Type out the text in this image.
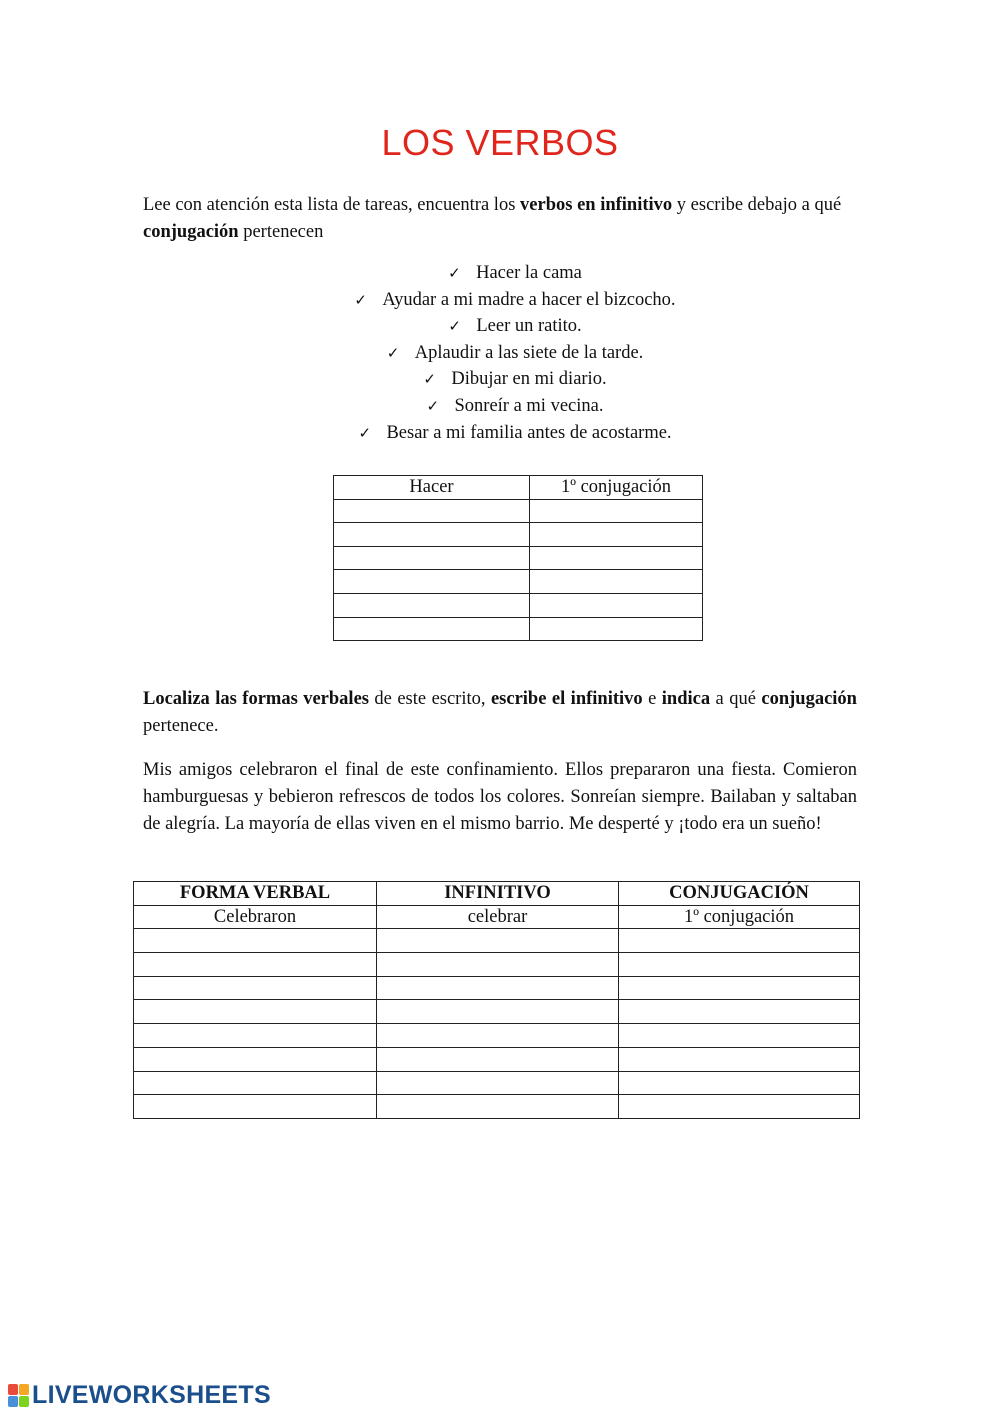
LOS VERBOS

Lee con atención esta lista de tareas, encuentra los verbos en infinitivo y escribe debajo a qué conjugación pertenecen

✓ Hacer la cama
✓ Ayudar a mi madre a hacer el bizcocho.
✓ Leer un ratito.
✓ Aplaudir a las siete de la tarde.
✓ Dibujar en mi diario.
✓ Sonreír a mi vecina.
✓ Besar a mi familia antes de acostarme.
Hacer	1º conjugación

Localiza las formas verbales de este escrito, escribe el infinitivo e indica a qué conjugación pertenece.

Mis amigos celebraron el final de este confinamiento. Ellos prepararon una fiesta. Comieron hamburguesas y bebieron refrescos de todos los colores. Sonreían siempre. Bailaban y saltaban de alegría. La mayoría de ellas viven en el mismo barrio. Me desperté y ¡todo era un sueño!

FORMA VERBAL	INFINITIVO	CONJUGACIÓN
Celebraron	celebrar	1º conjugación

LIVEWORKSHEETS
